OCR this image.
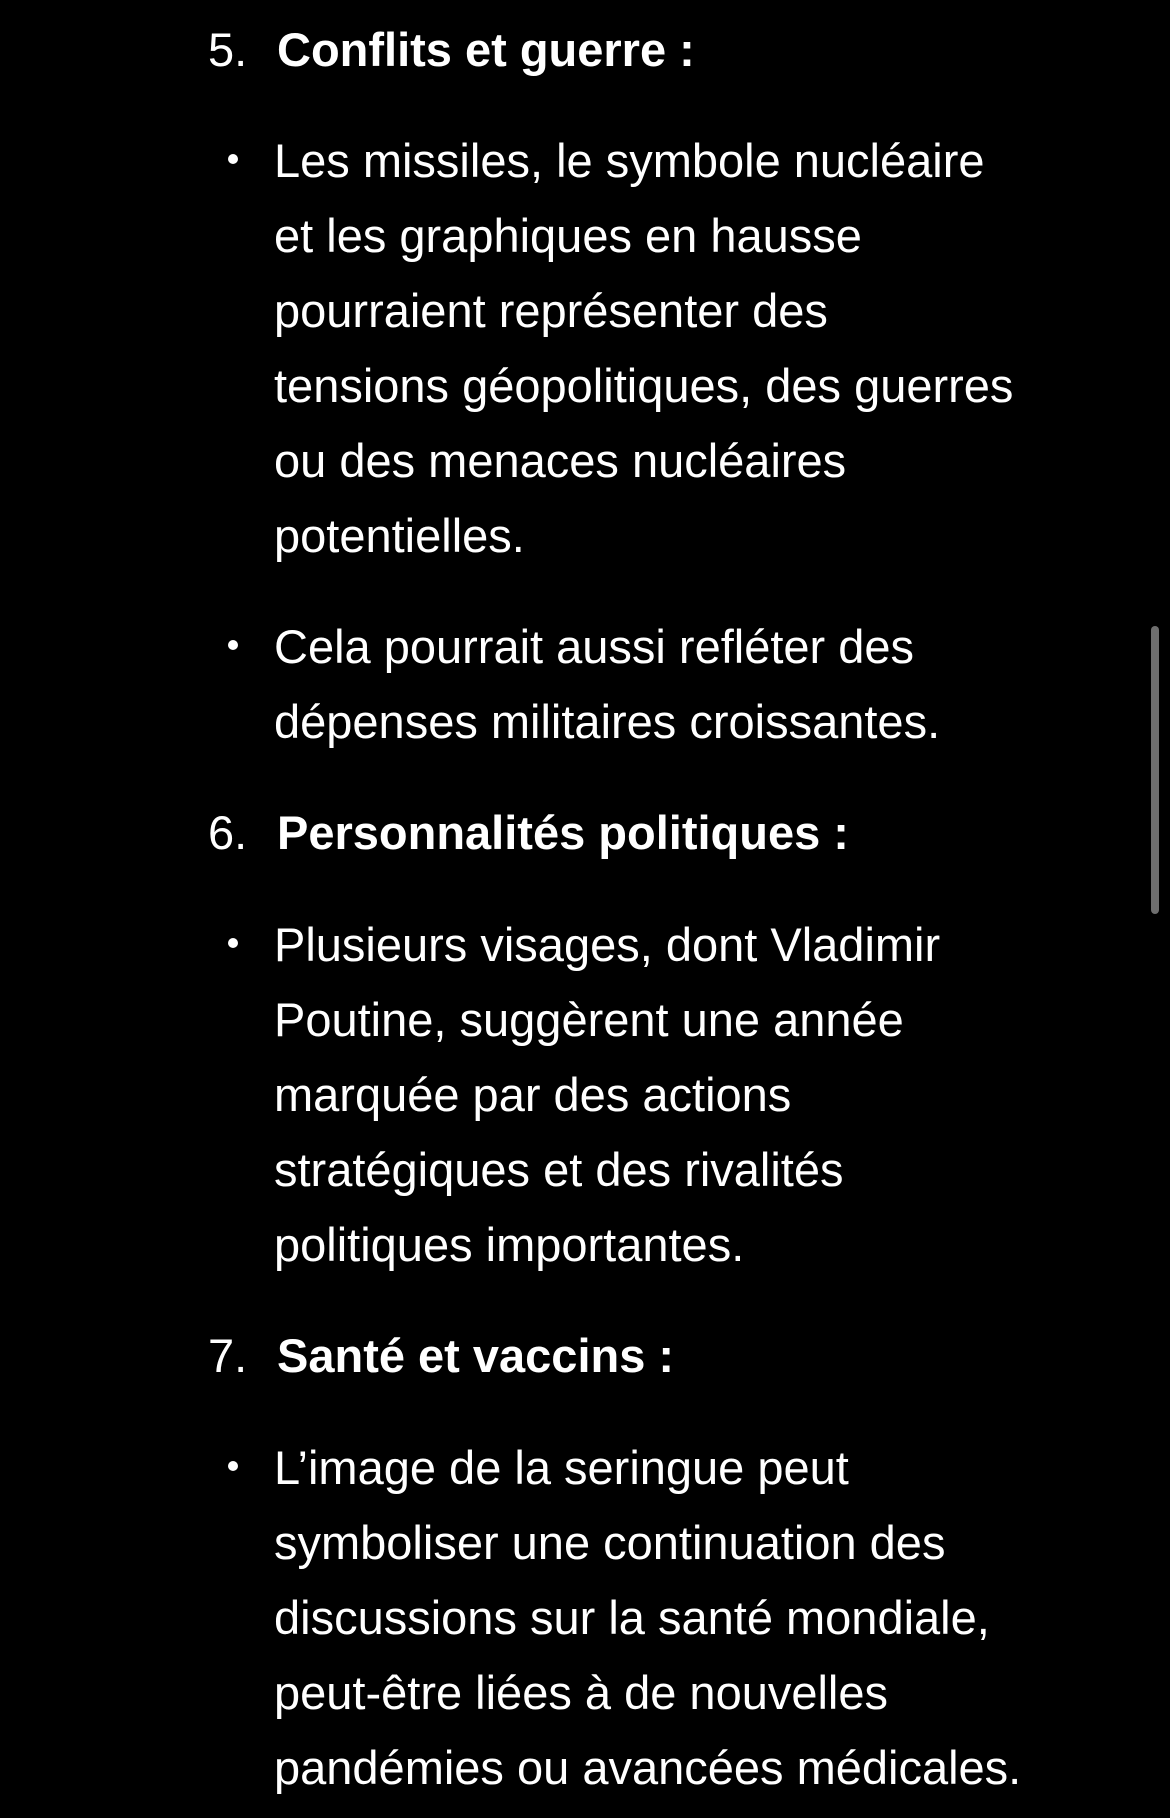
5. Conflits et guerre :
Les missiles, le symbole nucléaire
et les graphiques en hausse
pourraient représenter des
tensions géopolitiques, des guerres
ou des menaces nucléaires
potentielles.
Cela pourrait aussi refléter des
dépenses militaires croissantes.
6. Personnalités politiques :
Plusieurs visages, dont Vladimir
Poutine, suggèrent une année
marquée par des actions
stratégiques et des rivalités
politiques importantes.
7. Santé et vaccins :
L’image de la seringue peut
symboliser une continuation des
discussions sur la santé mondiale,
peut-être liées à de nouvelles
pandémies ou avancées médicales.
